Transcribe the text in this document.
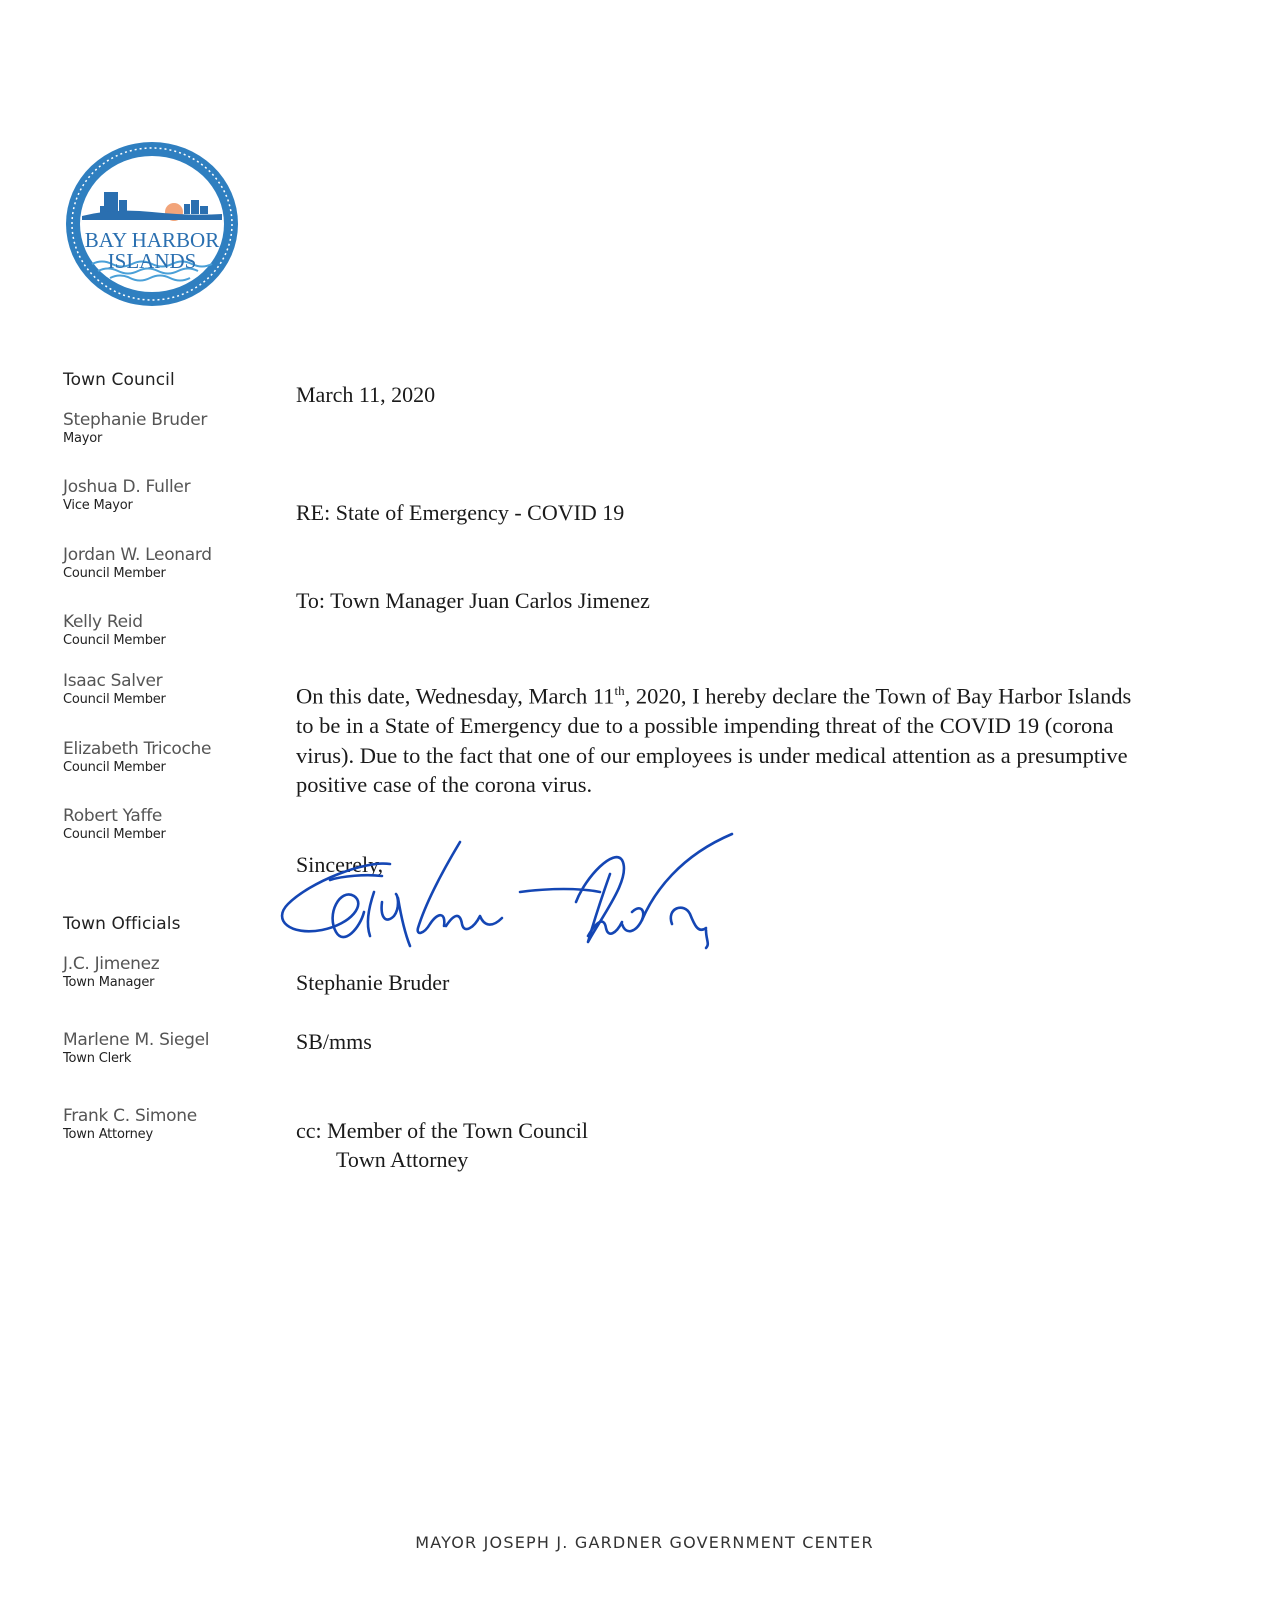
BAY HARBOR
ISLANDS
Town Council
Stephanie Bruder
Mayor
Joshua D. Fuller
Vice Mayor
Jordan W. Leonard
Council Member
Kelly Reid
Council Member
Isaac Salver
Council Member
Elizabeth Tricoche
Council Member
Robert Yaffe
Council Member
Town Officials
J.C. Jimenez
Town Manager
Marlene M. Siegel
Town Clerk
Frank C. Simone
Town Attorney
March 11, 2020
RE: State of Emergency - COVID 19
To: Town Manager Juan Carlos Jimenez
On this date, Wednesday, March 11th, 2020, I hereby declare the Town of Bay Harbor Islands to be in a State of Emergency due to a possible impending threat of the COVID 19 (corona virus). Due to the fact that one of our employees is under medical attention as a presumptive positive case of the corona virus.
Sincerely,
Stephanie Bruder
SB/mms
cc: Member of the Town Council
Town Attorney
MAYOR JOSEPH J. GARDNER GOVERNMENT CENTER
